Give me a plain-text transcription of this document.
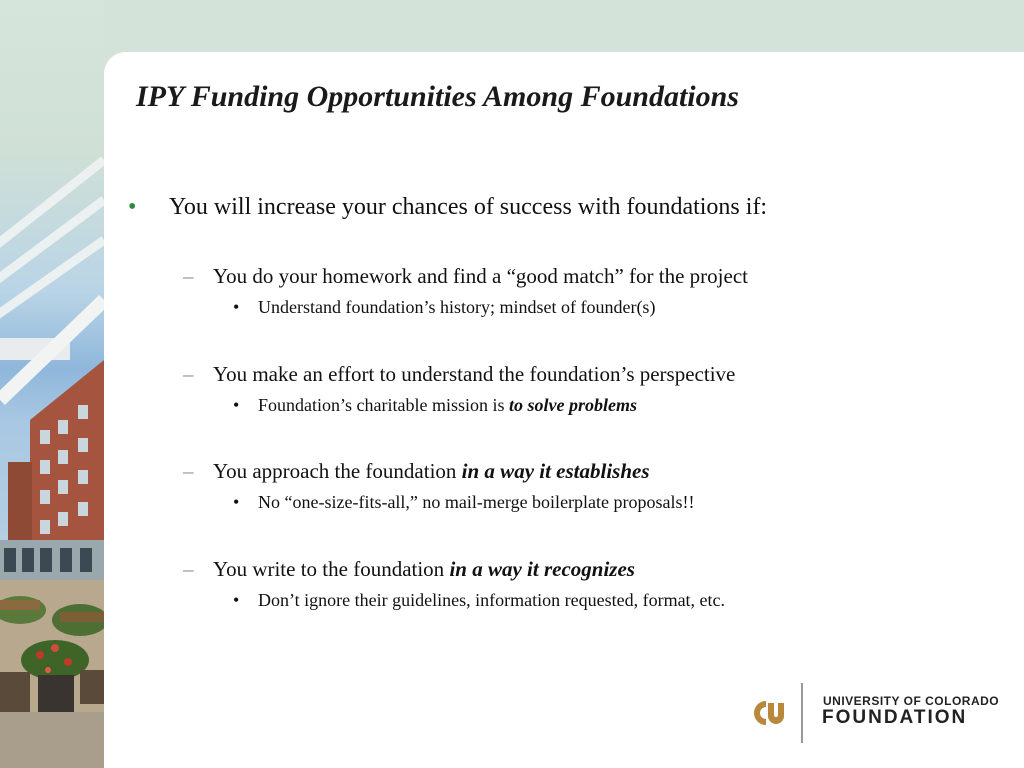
IPY Funding Opportunities Among Foundations
• You will increase your chances of success with foundations if:
– You do your homework and find a “good match” for the project
• Understand foundation’s history; mindset of founder(s)
– You make an effort to understand the foundation’s perspective
• Foundation’s charitable mission is to solve problems
– You approach the foundation in a way it establishes
• No “one-size-fits-all,” no mail-merge boilerplate proposals!!
– You write to the foundation in a way it recognizes
• Don’t ignore their guidelines, information requested, format, etc.
UNIVERSITY OF COLORADO
FOUNDATION
